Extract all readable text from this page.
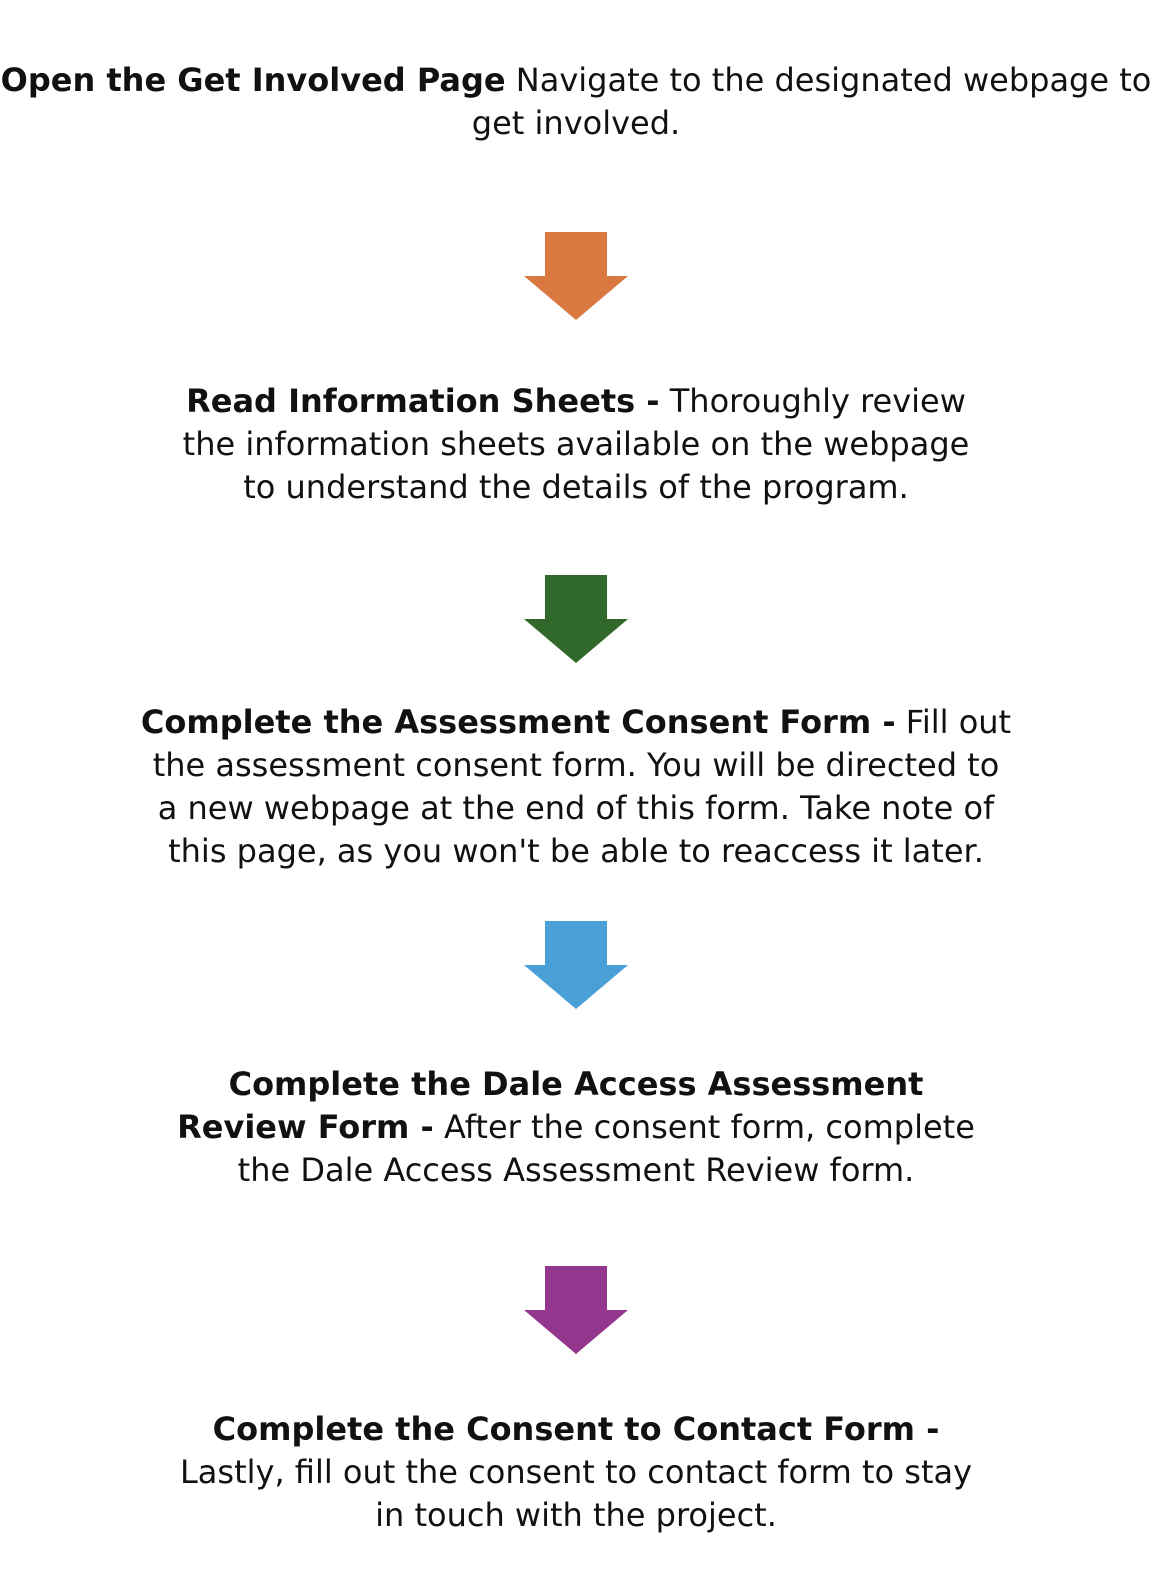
Open the Get Involved Page Navigate to the designated webpage to get involved.

Read Information Sheets - Thoroughly review the information sheets available on the webpage to understand the details of the program.

Complete the Assessment Consent Form - Fill out the assessment consent form. You will be directed to a new webpage at the end of this form. Take note of this page, as you won't be able to reaccess it later.

Complete the Dale Access Assessment Review Form - After the consent form, complete the Dale Access Assessment Review form.

Complete the Consent to Contact Form - Lastly, fill out the consent to contact form to stay in touch with the project.
